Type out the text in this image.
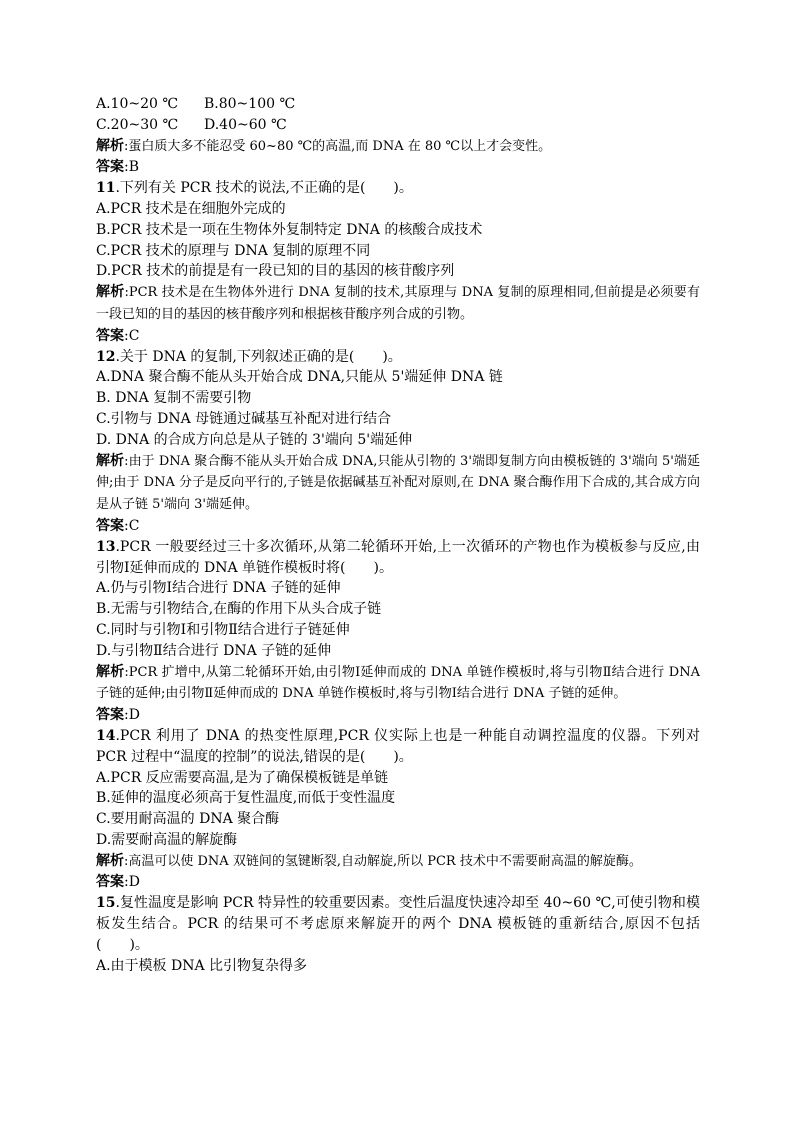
A.10~20 ℃	B.80~100 ℃
C.20~30 ℃	D.40~60 ℃
解析:蛋白质大多不能忍受 60~80 ℃的高温,而 DNA 在 80 ℃以上才会变性。
答案:B
11.下列有关 PCR 技术的说法,不正确的是(　　)。
A.PCR 技术是在细胞外完成的
B.PCR 技术是一项在生物体外复制特定 DNA 的核酸合成技术
C.PCR 技术的原理与 DNA 复制的原理不同
D.PCR 技术的前提是有一段已知的目的基因的核苷酸序列
解析:PCR 技术是在生物体外进行 DNA 复制的技术,其原理与 DNA 复制的原理相同,但前提是必须要有一段已知的目的基因的核苷酸序列和根据核苷酸序列合成的引物。
答案:C
12.关于 DNA 的复制,下列叙述正确的是(　　)。
A.DNA 聚合酶不能从头开始合成 DNA,只能从 5'端延伸 DNA 链
B. DNA 复制不需要引物
C.引物与 DNA 母链通过碱基互补配对进行结合
D. DNA 的合成方向总是从子链的 3'端向 5'端延伸
解析:由于 DNA 聚合酶不能从头开始合成 DNA,只能从引物的 3'端即复制方向由模板链的 3'端向 5'端延伸;由于 DNA 分子是反向平行的,子链是依据碱基互补配对原则,在 DNA 聚合酶作用下合成的,其合成方向是从子链 5'端向 3'端延伸。
答案:C
13.PCR 一般要经过三十多次循环,从第二轮循环开始,上一次循环的产物也作为模板参与反应,由引物Ⅰ延伸而成的 DNA 单链作模板时将(　　)。
A.仍与引物Ⅰ结合进行 DNA 子链的延伸
B.无需与引物结合,在酶的作用下从头合成子链
C.同时与引物Ⅰ和引物Ⅱ结合进行子链延伸
D.与引物Ⅱ结合进行 DNA 子链的延伸
解析:PCR 扩增中,从第二轮循环开始,由引物Ⅰ延伸而成的 DNA 单链作模板时,将与引物Ⅱ结合进行 DNA 子链的延伸;由引物Ⅱ延伸而成的 DNA 单链作模板时,将与引物Ⅰ结合进行 DNA 子链的延伸。
答案:D
14.PCR 利用了 DNA 的热变性原理,PCR 仪实际上也是一种能自动调控温度的仪器。下列对 PCR 过程中“温度的控制”的说法,错误的是(　　)。
A.PCR 反应需要高温,是为了确保模板链是单链
B.延伸的温度必须高于复性温度,而低于变性温度
C.要用耐高温的 DNA 聚合酶
D.需要耐高温的解旋酶
解析:高温可以使 DNA 双链间的氢键断裂,自动解旋,所以 PCR 技术中不需要耐高温的解旋酶。
答案:D
15.复性温度是影响 PCR 特异性的较重要因素。变性后温度快速冷却至 40~60 ℃,可使引物和模板发生结合。PCR 的结果可不考虑原来解旋开的两个 DNA 模板链的重新结合,原因不包括(　　)。
A.由于模板 DNA 比引物复杂得多
